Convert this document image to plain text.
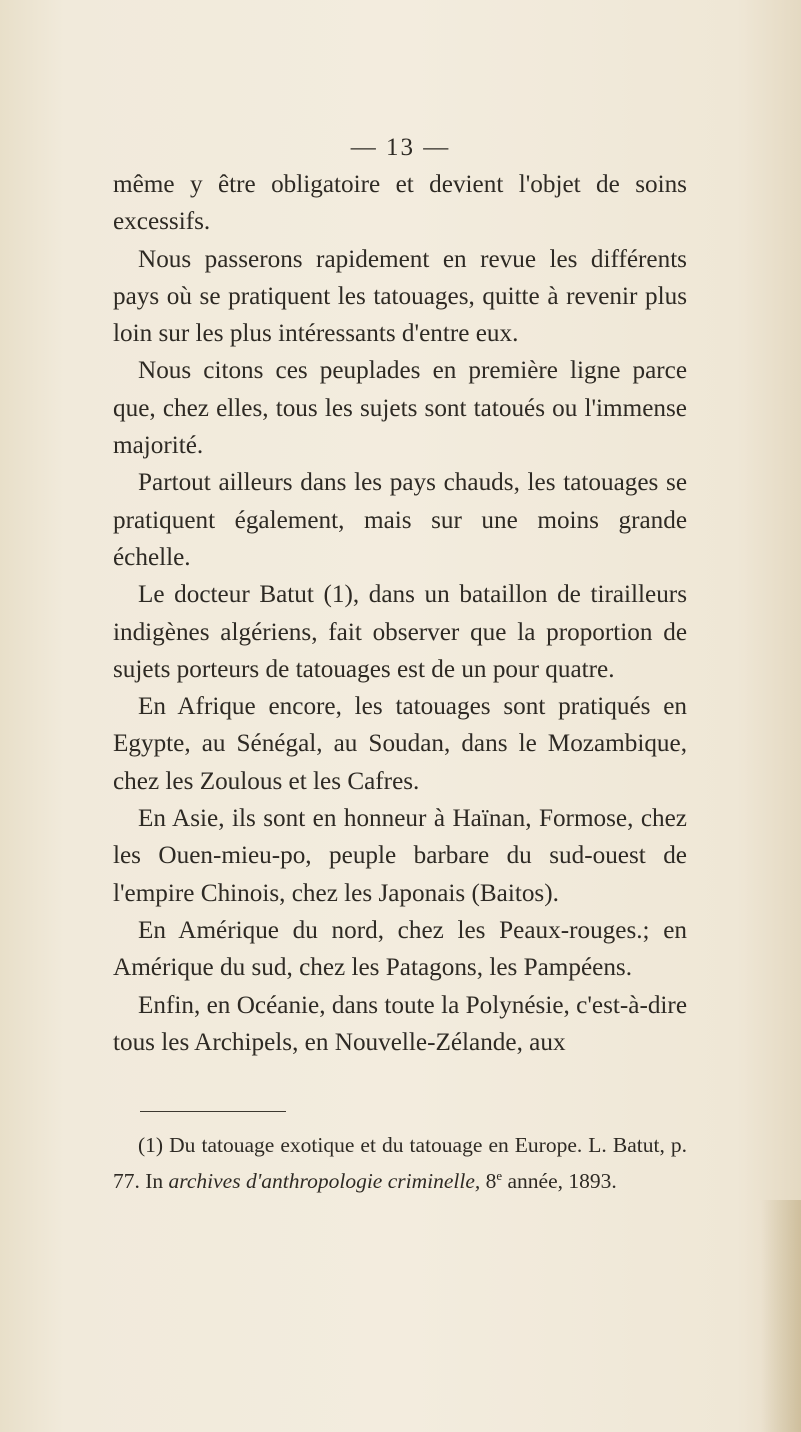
— 13 —

même y être obligatoire et devient l'objet de soins excessifs.

Nous passerons rapidement en revue les différents pays où se pratiquent les tatouages, quitte à revenir plus loin sur les plus intéressants d'entre eux.

Nous citons ces peuplades en première ligne parce que, chez elles, tous les sujets sont tatoués ou l'immense majorité.

Partout ailleurs dans les pays chauds, les tatouages se pratiquent également, mais sur une moins grande échelle.

Le docteur Batut (1), dans un bataillon de tirailleurs indigènes algériens, fait observer que la proportion de sujets porteurs de tatouages est de un pour quatre.

En Afrique encore, les tatouages sont pratiqués en Egypte, au Sénégal, au Soudan, dans le Mozambique, chez les Zoulous et les Cafres.

En Asie, ils sont en honneur à Haïnan, Formose, chez les Ouen-mieu-po, peuple barbare du sud-ouest de l'empire Chinois, chez les Japonais (Baitos).

En Amérique du nord, chez les Peaux-rouges.; en Amérique du sud, chez les Patagons, les Pampéens.

Enfin, en Océanie, dans toute la Polynésie, c'est-à-dire tous les Archipels, en Nouvelle-Zélande, aux

(1) Du tatouage exotique et du tatouage en Europe. L. Batut, p. 77. In archives d'anthropologie criminelle, 8e année, 1893.
